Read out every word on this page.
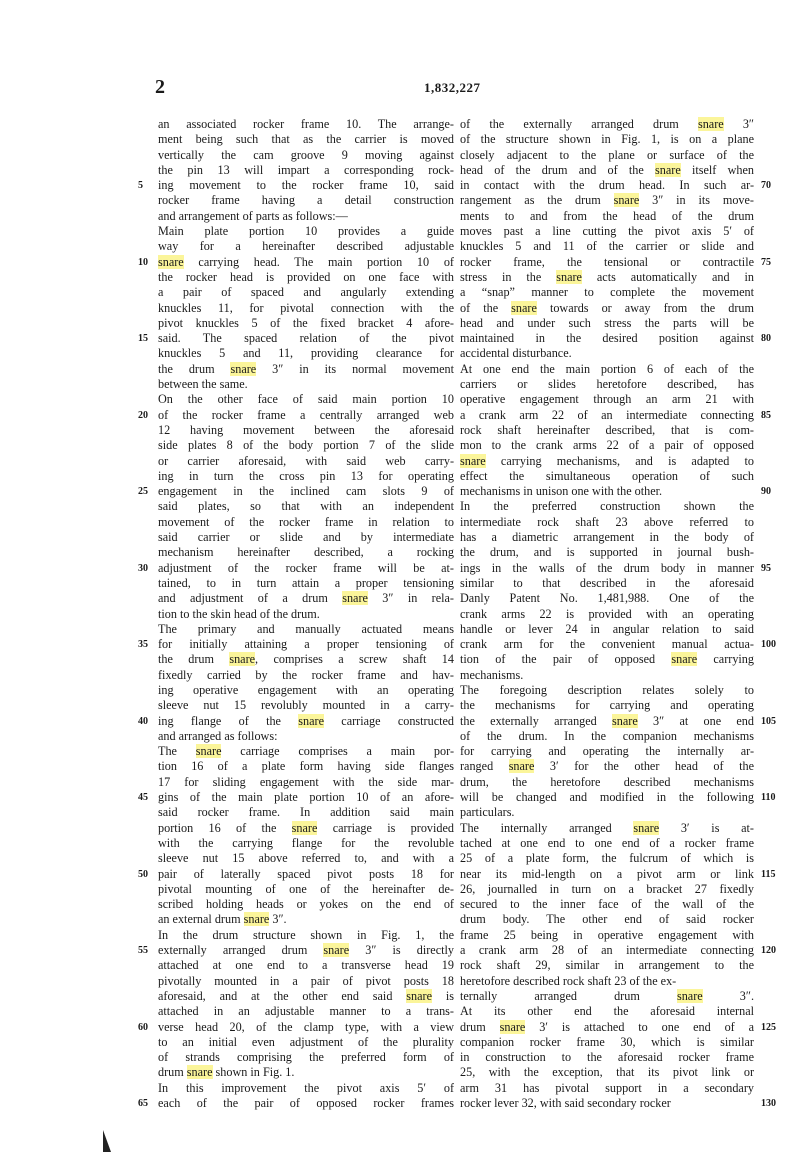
2	1,832,227
an associated rocker frame 10. The arrange-
ment being such that as the carrier is moved
vertically the cam groove 9 moving against
the pin 13 will impart a corresponding rock-
ing movement to the rocker frame 10, said
rocker frame having a detail construction
and arrangement of parts as follows:—
Main plate portion 10 provides a guide
way for a hereinafter described adjustable
snare carrying head. The main portion 10 of
the rocker head is provided on one face with
a pair of spaced and angularly extending
knuckles 11, for pivotal connection with the
pivot knuckles 5 of the fixed bracket 4 afore-
said. The spaced relation of the pivot
knuckles 5 and 11, providing clearance for
the drum snare 3″ in its normal movement
between the same.
On the other face of said main portion 10
of the rocker frame a centrally arranged web
12 having movement between the aforesaid
side plates 8 of the body portion 7 of the slide
or carrier aforesaid, with said web carry-
ing in turn the cross pin 13 for operating
engagement in the inclined cam slots 9 of
said plates, so that with an independent
movement of the rocker frame in relation to
said carrier or slide and by intermediate
mechanism hereinafter described, a rocking
adjustment of the rocker frame will be at-
tained, to in turn attain a proper tensioning
and adjustment of a drum snare 3″ in rela-
tion to the skin head of the drum.
The primary and manually actuated means
for initially attaining a proper tensioning of
the drum snare, comprises a screw shaft 14
fixedly carried by the rocker frame and hav-
ing operative engagement with an operating
sleeve nut 15 revolubly mounted in a carry-
ing flange of the snare carriage constructed
and arranged as follows:
The snare carriage comprises a main por-
tion 16 of a plate form having side flanges
17 for sliding engagement with the side mar-
gins of the main plate portion 10 of an afore-
said rocker frame. In addition said main
portion 16 of the snare carriage is provided
with the carrying flange for the revoluble
sleeve nut 15 above referred to, and with a
pair of laterally spaced pivot posts 18 for
pivotal mounting of one of the hereinafter de-
scribed holding heads or yokes on the end of
an external drum snare 3″.
In the drum structure shown in Fig. 1, the
externally arranged drum snare 3″ is directly
attached at one end to a transverse head 19
pivotally mounted in a pair of pivot posts 18
aforesaid, and at the other end said snare is
attached in an adjustable manner to a trans-
verse head 20, of the clamp type, with a view
to an initial even adjustment of the plurality
of strands comprising the preferred form of
drum snare shown in Fig. 1.
In this improvement the pivot axis 5′ of
each of the pair of opposed rocker frames
of the externally arranged drum snare 3″
of the structure shown in Fig. 1, is on a plane
closely adjacent to the plane or surface of the
head of the drum and of the snare itself when
in contact with the drum head. In such ar-
rangement as the drum snare 3″ in its move-
ments to and from the head of the drum
moves past a line cutting the pivot axis 5′ of
knuckles 5 and 11 of the carrier or slide and
rocker frame, the tensional or contractile
stress in the snare acts automatically and in
a “snap” manner to complete the movement
of the snare towards or away from the drum
head and under such stress the parts will be
maintained in the desired position against
accidental disturbance.
At one end the main portion 6 of each of the
carriers or slides heretofore described, has
operative engagement through an arm 21 with
a crank arm 22 of an intermediate connecting
rock shaft hereinafter described, that is com-
mon to the crank arms 22 of a pair of opposed
snare carrying mechanisms, and is adapted to
effect the simultaneous operation of such
mechanisms in unison one with the other.
In the preferred construction shown the
intermediate rock shaft 23 above referred to
has a diametric arrangement in the body of
the drum, and is supported in journal bush-
ings in the walls of the drum body in manner
similar to that described in the aforesaid
Danly Patent No. 1,481,988. One of the
crank arms 22 is provided with an operating
handle or lever 24 in angular relation to said
crank arm for the convenient manual actua-
tion of the pair of opposed snare carrying
mechanisms.
The foregoing description relates solely to
the mechanisms for carrying and operating
the externally arranged snare 3″ at one end
of the drum. In the companion mechanisms
for carrying and operating the internally ar-
ranged snare 3′ for the other head of the
drum, the heretofore described mechanisms
will be changed and modified in the following
particulars.
The internally arranged snare 3′ is at-
tached at one end to one end of a rocker frame
25 of a plate form, the fulcrum of which is
near its mid-length on a pivot arm or link
26, journalled in turn on a bracket 27 fixedly
secured to the inner face of the wall of the
drum body. The other end of said rocker
frame 25 being in operative engagement with
a crank arm 28 of an intermediate connecting
rock shaft 29, similar in arrangement to the
heretofore described rock shaft 23 of the ex-
ternally arranged drum snare 3″.
At its other end the aforesaid internal
drum snare 3′ is attached to one end of a
companion rocker frame 30, which is similar
in construction to the aforesaid rocker frame
25, with the exception, that its pivot link or
arm 31 has pivotal support in a secondary
rocker lever 32, with said secondary rocker
5
10
15
20
25
30
35
40
45
50
55
60
65
70
75
80
85
90
95
100
105
110
115
120
125
130
